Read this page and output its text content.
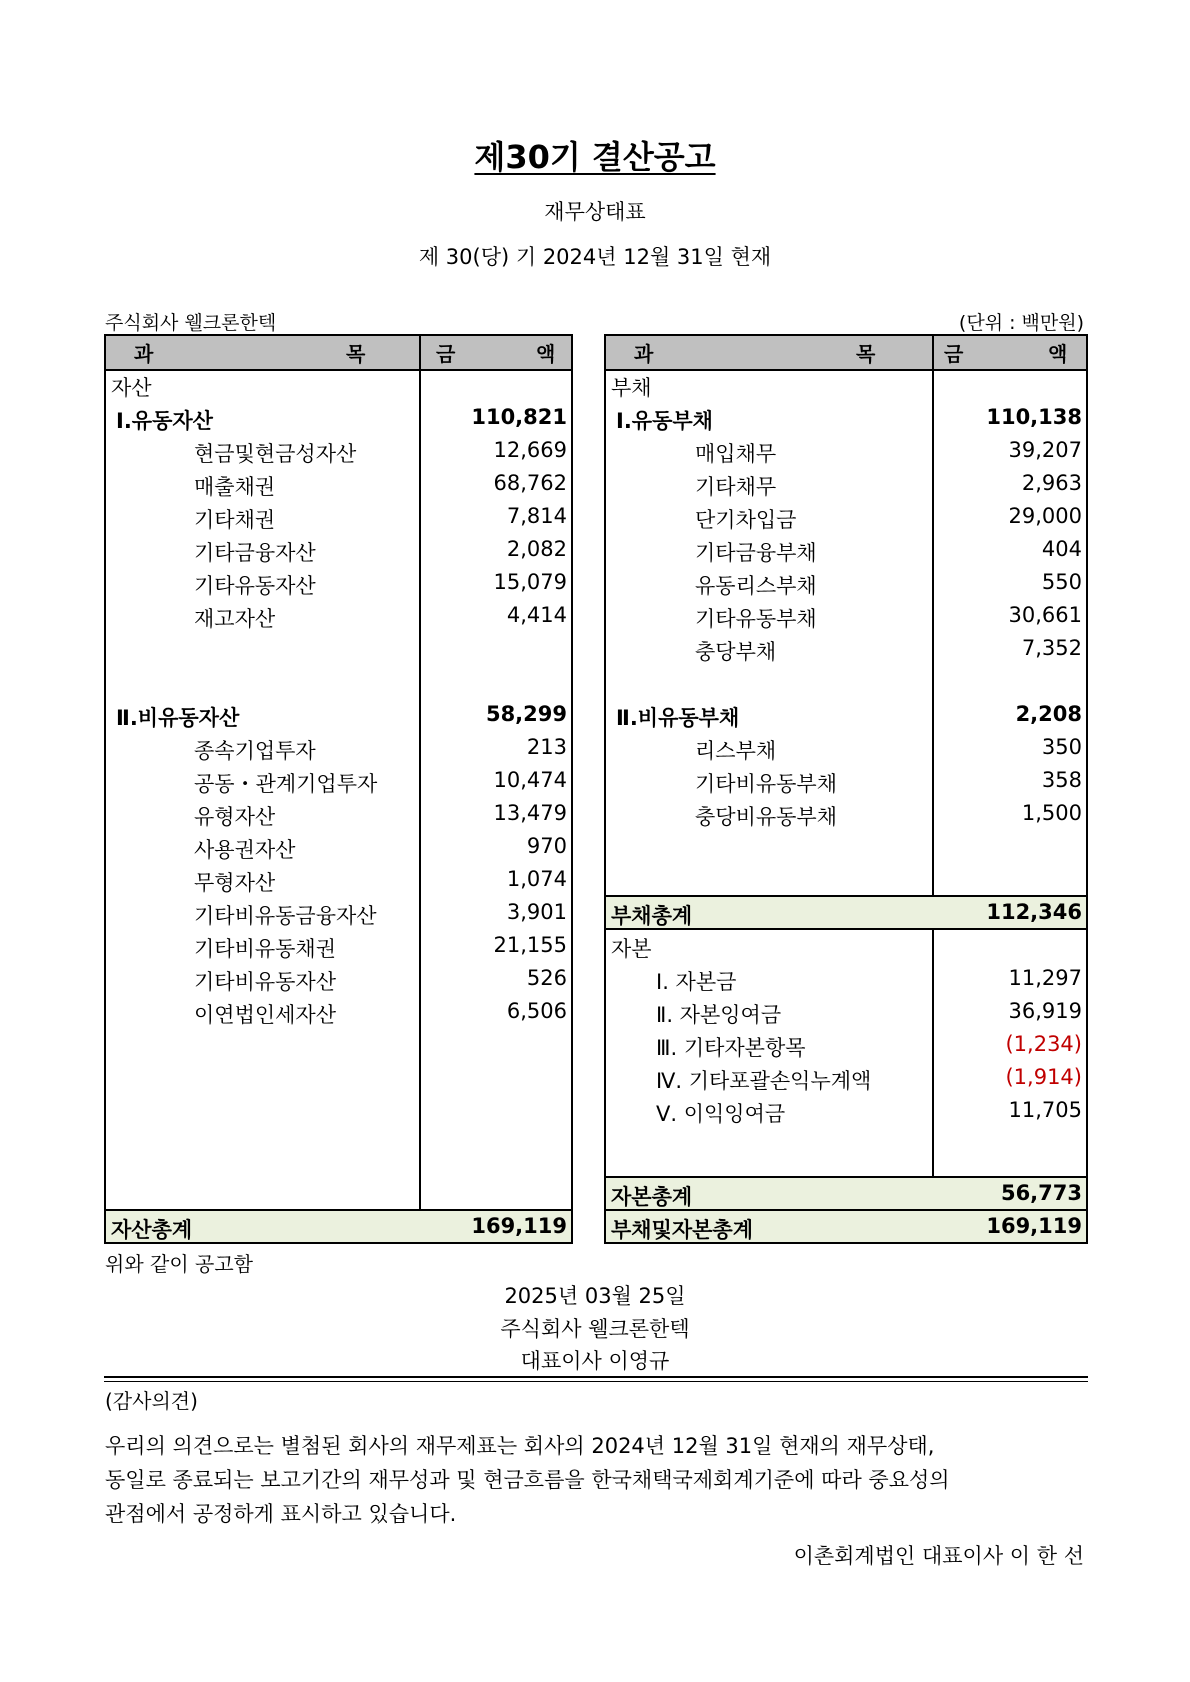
제30기 결산공고
재무상태표
제 30(당) 기 2024년 12월 31일 현재
주식회사 웰크론한텍	(단위 : 백만원)
과	목	금	액
자산
Ⅰ.유동자산	110,821
현금및현금성자산	12,669
매출채권	68,762
기타채권	7,814
기타금융자산	2,082
기타유동자산	15,079
재고자산	4,414
Ⅱ.비유동자산	58,299
종속기업투자	213
공동・관계기업투자	10,474
유형자산	13,479
사용권자산	970
무형자산	1,074
기타비유동금융자산	3,901
기타비유동채권	21,155
기타비유동자산	526
이연법인세자산	6,506
자산총계	169,119
과	목	금	액
부채
Ⅰ.유동부채	110,138
매입채무	39,207
기타채무	2,963
단기차입금	29,000
기타금융부채	404
유동리스부채	550
기타유동부채	30,661
충당부채	7,352
Ⅱ.비유동부채	2,208
리스부채	350
기타비유동부채	358
충당비유동부채	1,500
부채총계	112,346
자본
Ⅰ. 자본금	11,297
Ⅱ. 자본잉여금	36,919
Ⅲ. 기타자본항목	(1,234)
Ⅳ. 기타포괄손익누계액	(1,914)
Ⅴ. 이익잉여금	11,705
자본총계	56,773
부채및자본총계	169,119
위와 같이 공고함
2025년 03월 25일
주식회사 웰크론한텍
대표이사 이영규
(감사의견)
우리의 의견으로는 별첨된 회사의 재무제표는 회사의 2024년 12월 31일 현재의 재무상태,
동일로 종료되는 보고기간의 재무성과 및 현금흐름을 한국채택국제회계기준에 따라 중요성의
관점에서 공정하게 표시하고 있습니다.
이촌회계법인 대표이사 이 한 선
